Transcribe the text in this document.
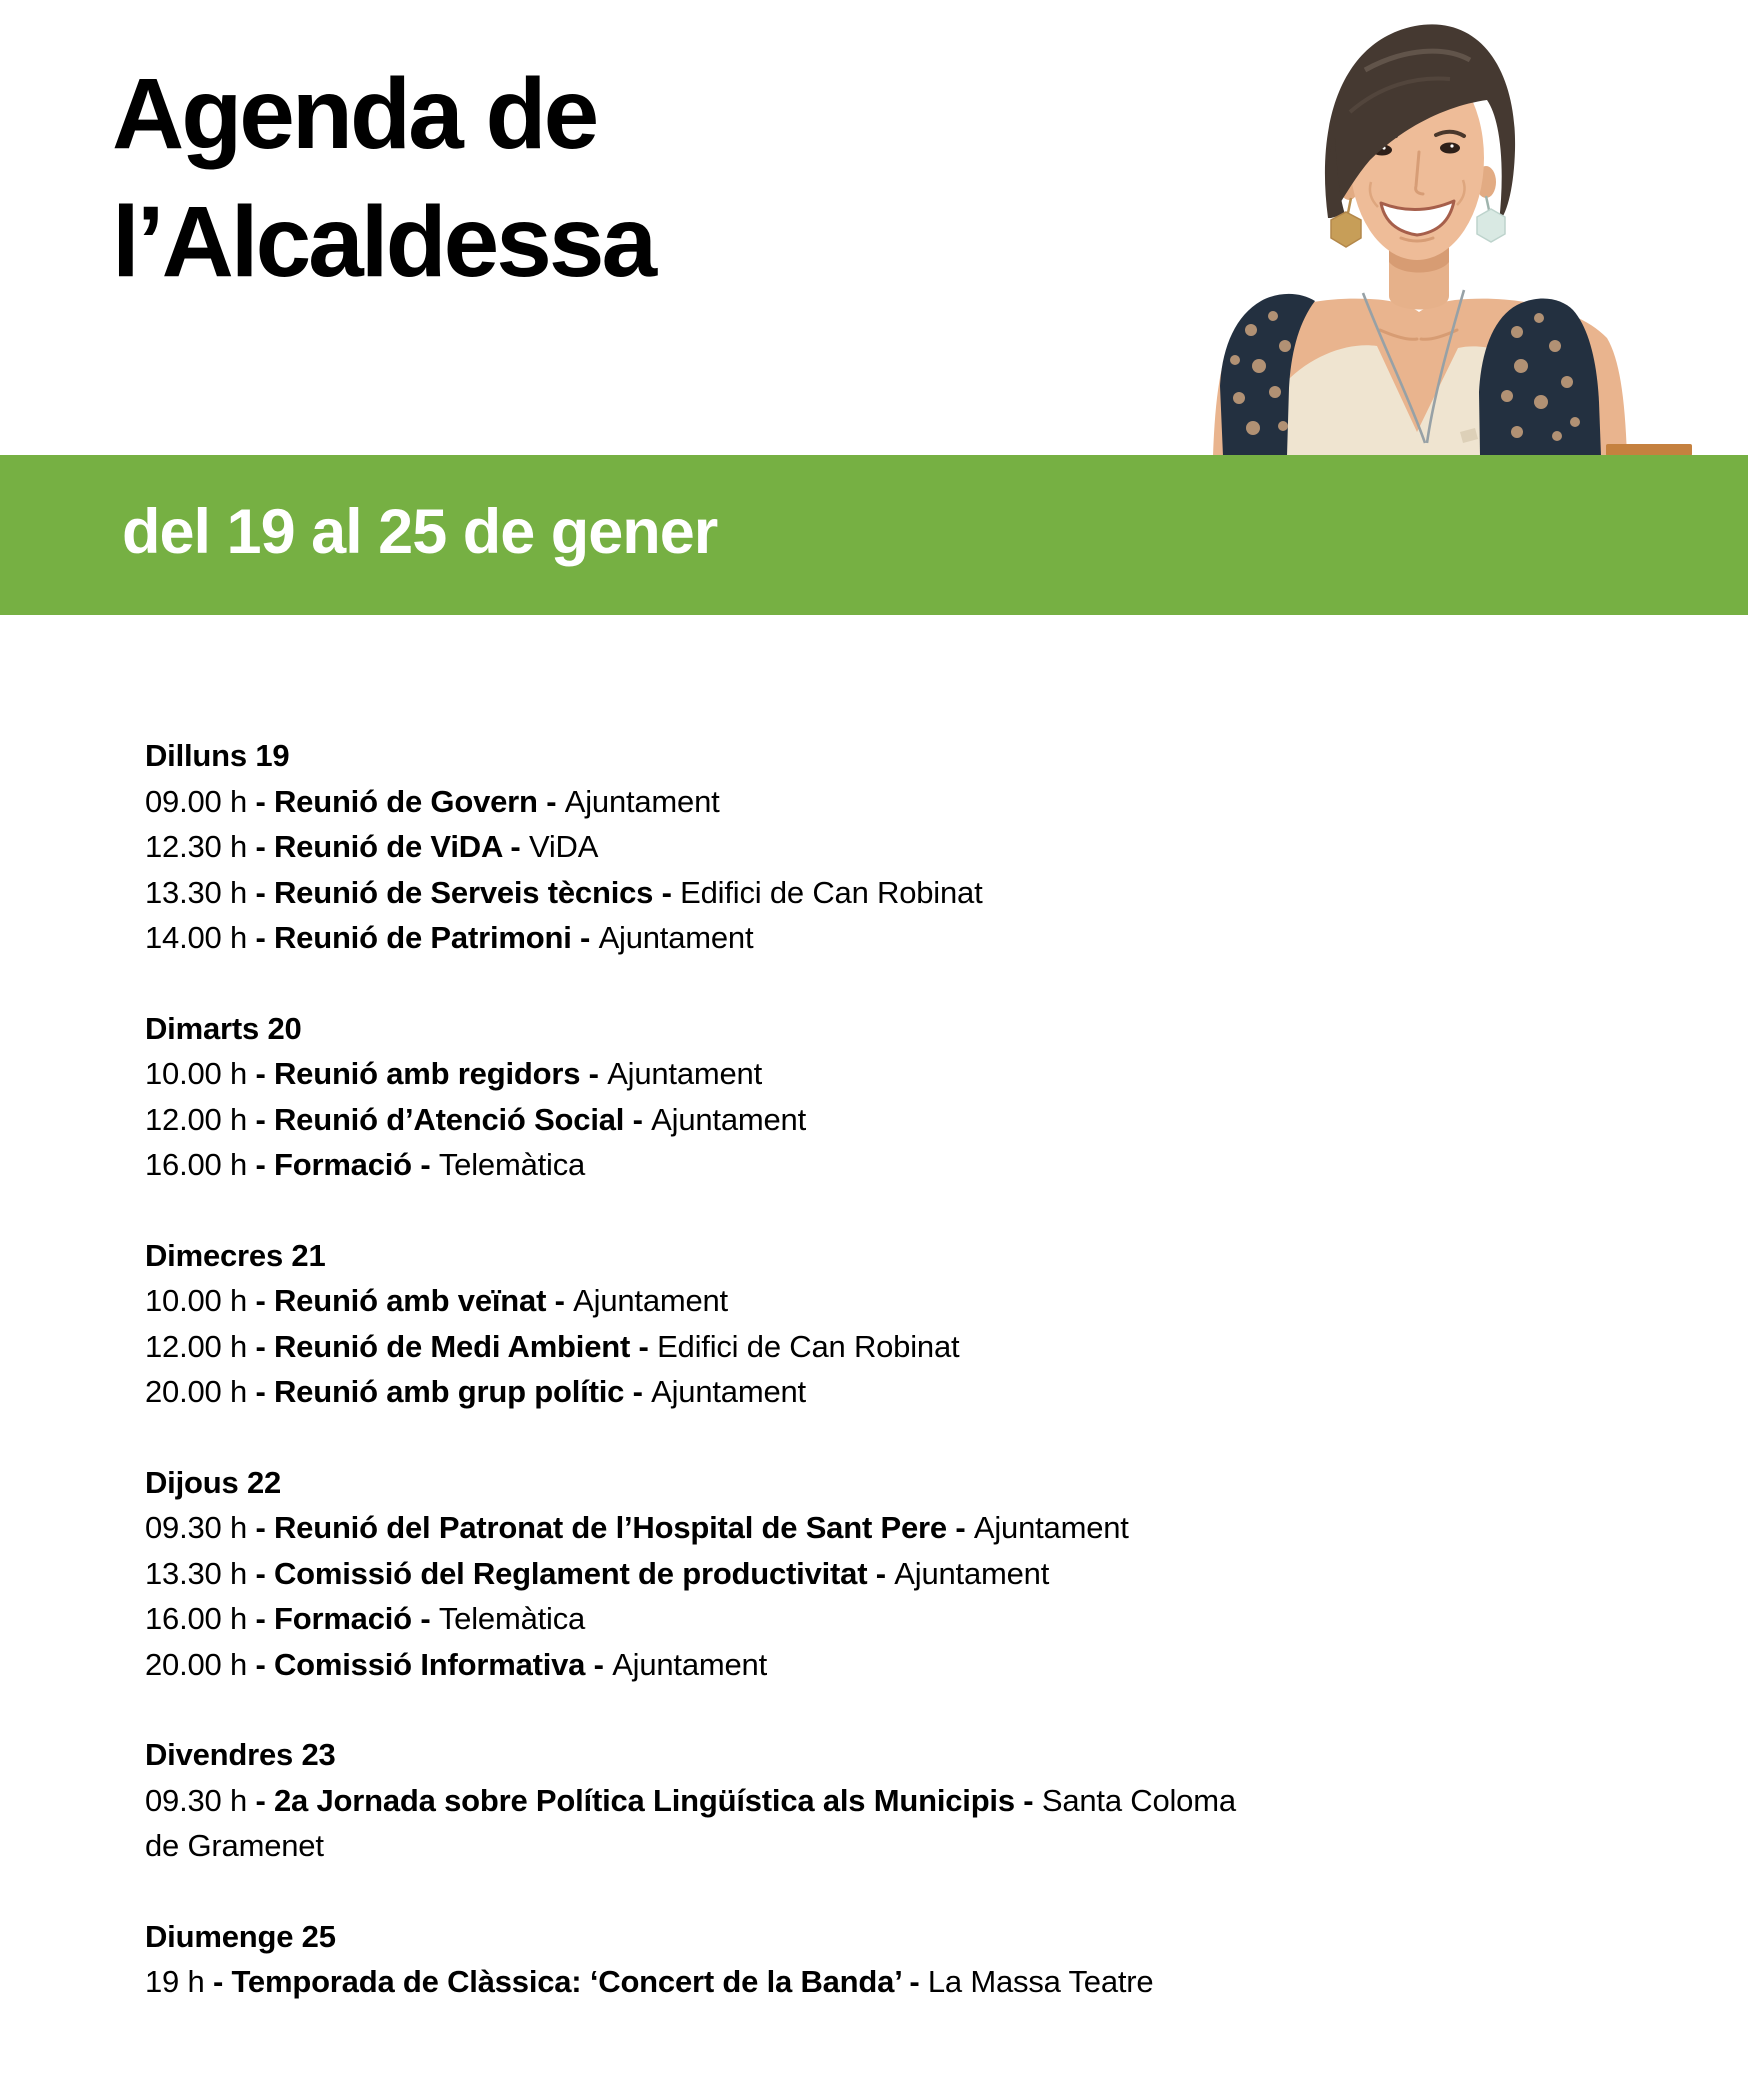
Agenda de
l’Alcaldessa
del 19 al 25 de gener
Ajuntament
Vilassar de Dalt
Dilluns 19

09.00 h - Reunió de Govern - Ajuntament

12.30 h - Reunió de ViDA - ViDA

13.30 h - Reunió de Serveis tècnics - Edifici de Can Robinat

14.00 h - Reunió de Patrimoni - Ajuntament

Dimarts 20

10.00 h - Reunió amb regidors - Ajuntament

12.00 h - Reunió d’Atenció Social - Ajuntament

16.00 h - Formació - Telemàtica

Dimecres 21

10.00 h - Reunió amb veïnat - Ajuntament

12.00 h - Reunió de Medi Ambient - Edifici de Can Robinat

20.00 h - Reunió amb grup polític - Ajuntament

Dijous 22

09.30 h - Reunió del Patronat de l’Hospital de Sant Pere - Ajuntament

13.30 h - Comissió del Reglament de productivitat - Ajuntament

16.00 h - Formació - Telemàtica

20.00 h - Comissió Informativa - Ajuntament

Divendres 23

09.30 h - 2a Jornada sobre Política Lingüística als Municipis - Santa Coloma de Gramenet

Diumenge 25

19 h - Temporada de Clàssica: ‘Concert de la Banda’ - La Massa Teatre
